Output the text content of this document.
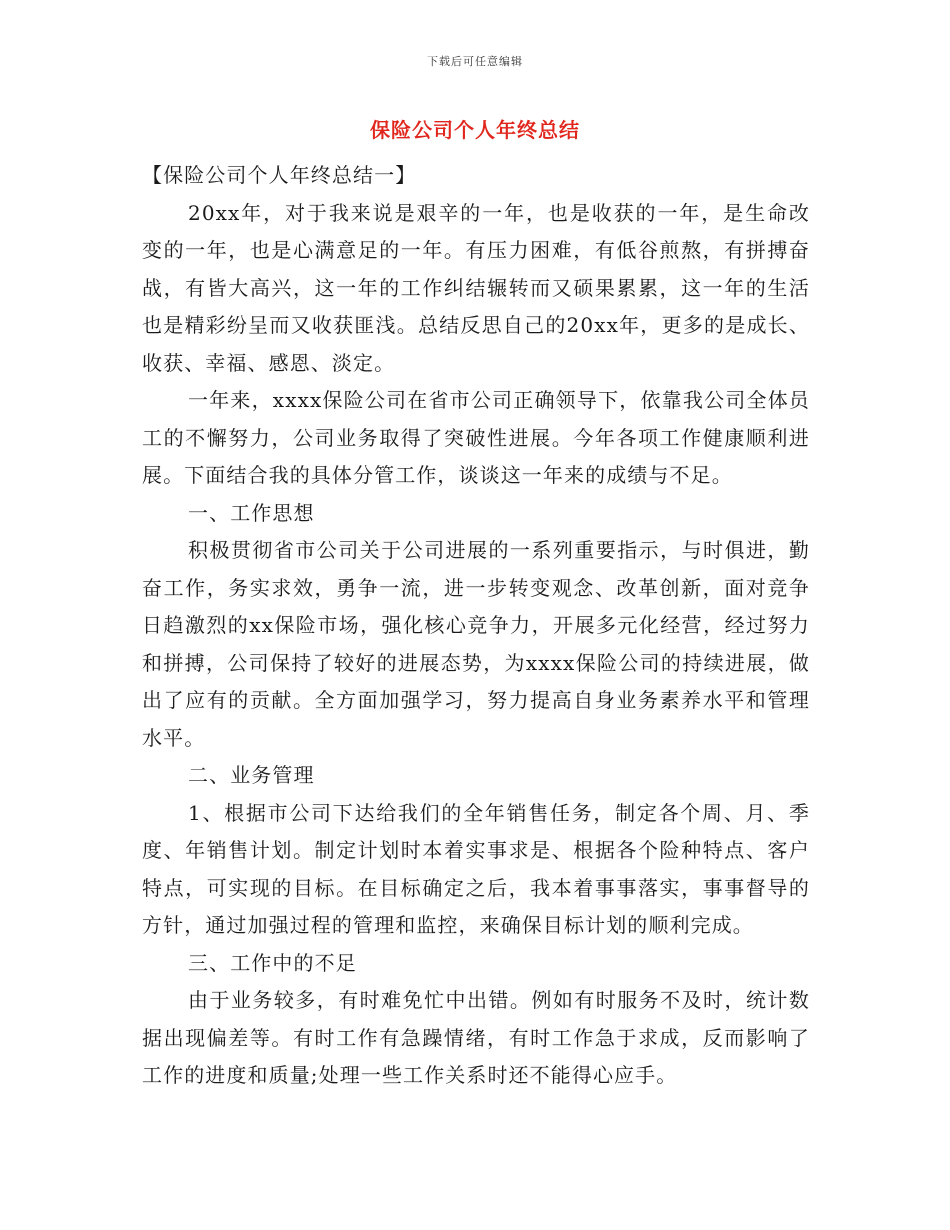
下载后可任意编辑
保险公司个人年终总结

【保险公司个人年终总结一】

20xx年，对于我来说是艰辛的一年，也是收获的一年，是生命改变的一年，也是心满意足的一年。有压力困难，有低谷煎熬，有拼搏奋战，有皆大高兴，这一年的工作纠结辗转而又硕果累累，这一年的生活也是精彩纷呈而又收获匪浅。总结反思自己的20xx年，更多的是成长、收获、幸福、感恩、淡定。

一年来，xxxx保险公司在省市公司正确领导下，依靠我公司全体员工的不懈努力，公司业务取得了突破性进展。今年各项工作健康顺利进展。下面结合我的具体分管工作，谈谈这一年来的成绩与不足。

一、工作思想

积极贯彻省市公司关于公司进展的一系列重要指示，与时俱进，勤奋工作，务实求效，勇争一流，进一步转变观念、改革创新，面对竞争日趋激烈的xx保险市场，强化核心竞争力，开展多元化经营，经过努力和拼搏，公司保持了较好的进展态势，为xxxx保险公司的持续进展，做出了应有的贡献。全方面加强学习，努力提高自身业务素养水平和管理水平。

二、业务管理

1、根据市公司下达给我们的全年销售任务，制定各个周、月、季度、年销售计划。制定计划时本着实事求是、根据各个险种特点、客户特点，可实现的目标。在目标确定之后，我本着事事落实，事事督导的方针，通过加强过程的管理和监控，来确保目标计划的顺利完成。

三、工作中的不足

由于业务较多，有时难免忙中出错。例如有时服务不及时，统计数据出现偏差等。有时工作有急躁情绪，有时工作急于求成，反而影响了工作的进度和质量;处理一些工作关系时还不能得心应手。
